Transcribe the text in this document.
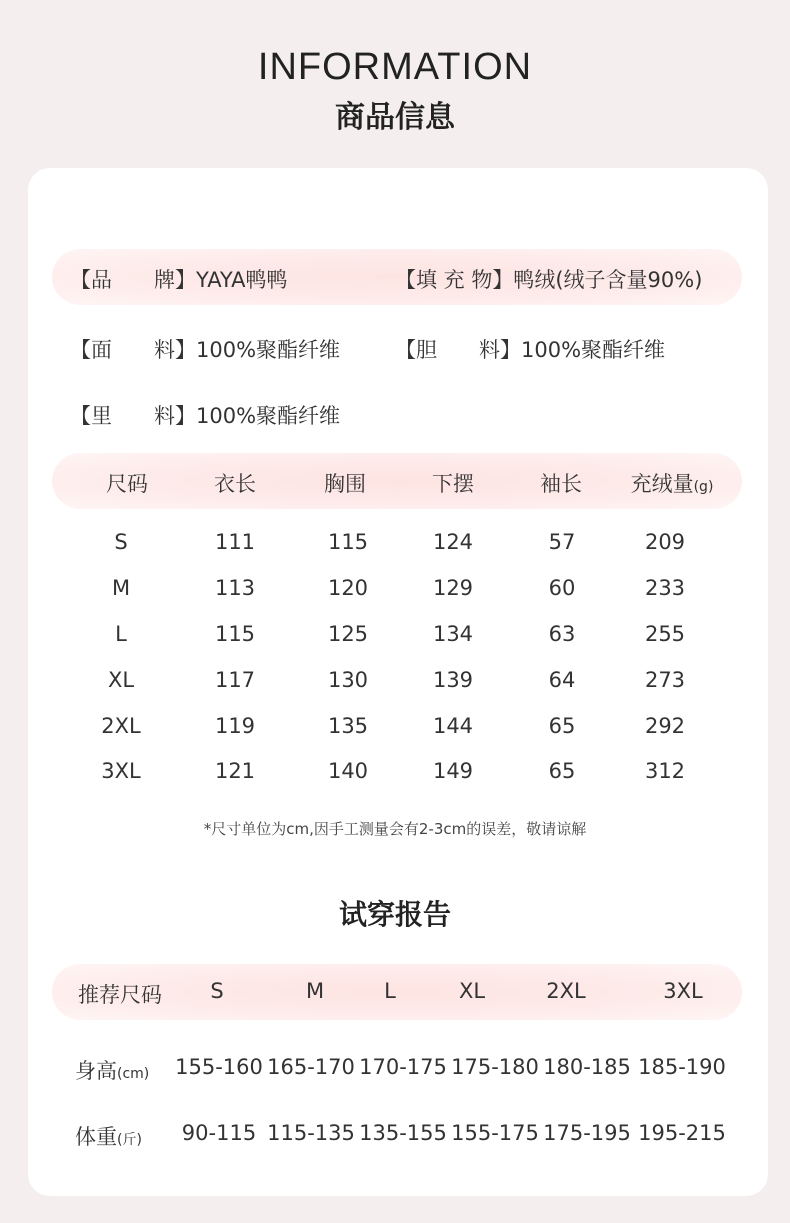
INFORMATION
商品信息
【品　　牌】YAYA鸭鸭	【填 充 物】鸭绒(绒子含量90%)
【面　　料】100%聚酯纤维	【胆　　料】100%聚酯纤维
【里　　料】100%聚酯纤维
尺码	衣长	胸围	下摆	袖长 充绒量(g)
S	111	115	124	57	209
M	113	120	129	60	233
L	115	125	134	63	255
XL	117	130	139	64	273
2XL	119	135	144	65	292
3XL	121	140	149	65	312
*尺寸单位为cm,因手工测量会有2-3cm的误差，敬请谅解
试穿报告
推荐尺码 S	M	L	XL	2XL	3XL
身高(cm) 155-160 165-170 170-175 175-180 180-185 185-190
体重(斤) 90-115 115-135 135-155 155-175 175-195 195-215
